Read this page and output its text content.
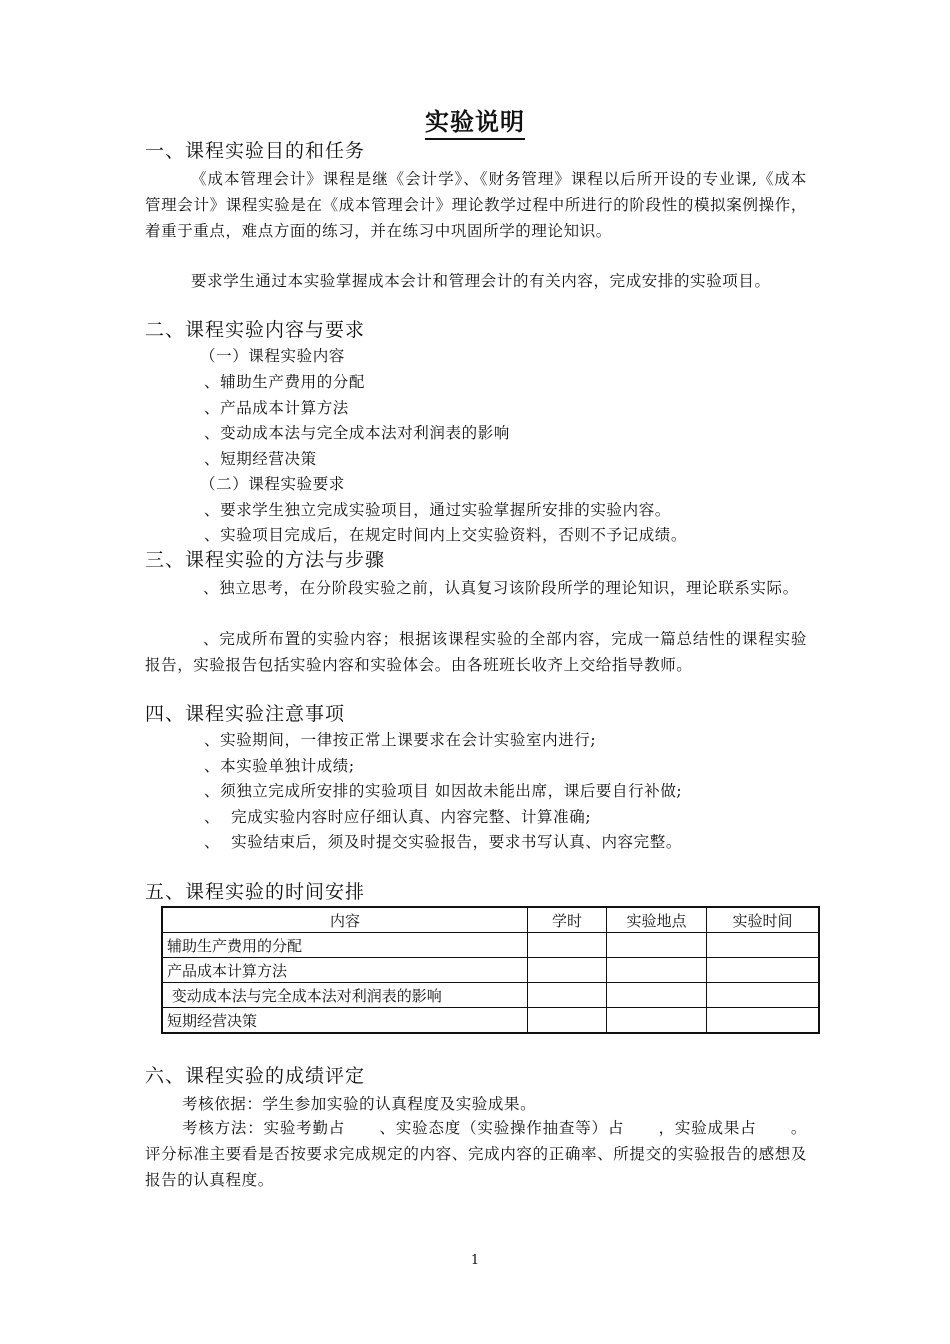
实验说明
一、课程实验目的和任务
《成本管理会计》课程是继《会计学》、《财务管理》课程以后所开设的专业课,《成本管理会计》课程实验是在《成本管理会计》理论教学过程中所进行的阶段性的模拟案例操作，着重于重点，难点方面的练习，并在练习中巩固所学的理论知识。
要求学生通过本实验掌握成本会计和管理会计的有关内容，完成安排的实验项目。
二、课程实验内容与要求
（一）课程实验内容
、辅助生产费用的分配
、产品成本计算方法
、变动成本法与完全成本法对利润表的影响
、短期经营决策
（二）课程实验要求
、要求学生独立完成实验项目，通过实验掌握所安排的实验内容。
、实验项目完成后，在规定时间内上交实验资料，否则不予记成绩。
三、课程实验的方法与步骤
、独立思考，在分阶段实验之前，认真复习该阶段所学的理论知识，理论联系实际。
、完成所布置的实验内容；根据该课程实验的全部内容，完成一篇总结性的课程实验报告，实验报告包括实验内容和实验体会。由各班班长收齐上交给指导教师。
四、课程实验注意事项
、实验期间，一律按正常上课要求在会计实验室内进行;
、本实验单独计成绩;
、须独立完成所安排的实验项目 如因故未能出席，课后要自行补做;
、  完成实验内容时应仔细认真、内容完整、计算准确;
、  实验结束后，须及时提交实验报告，要求书写认真、内容完整。
五、课程实验的时间安排
内容	学时	实验地点	实验时间
辅助生产费用的分配			
产品成本计算方法			
变动成本法与完全成本法对利润表的影响			
短期经营决策			
六、课程实验的成绩评定
考核依据：学生参加实验的认真程度及实验成果。
考核方法：实验考勤占      、实验态度（实验操作抽查等）占      ，实验成果占      。评分标准主要看是否按要求完成规定的内容、完成内容的正确率、所提交的实验报告的感想及报告的认真程度。
1
